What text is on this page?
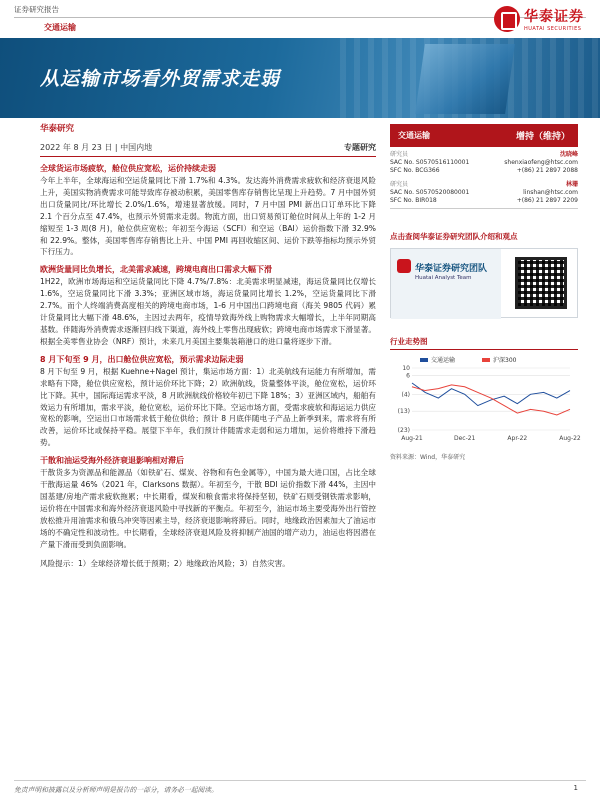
证券研究报告
交通运输
华泰证券
HUATAI SECURITIES
从运输市场看外贸需求走弱
华泰研究
2022 年 8 月 23 日 | 中国内地	专题研究
全球货运市场疲软，舱位供应宽松，运价持续走弱
今年上半年，全球海运和空运货量同比下滑 1.7%和 4.3%。发达海外消费需求疲软和经济衰退风险上升，美国实物消费需求可能导致库存被动积累，美国零售库存销售比呈现上升趋势。7 月中国外贸出口货量同比/环比增长 2.0%/1.6%，增速显著放缓。同时，7 月中国 PMI 新出口订单环比下降 2.1 个百分点至 47.4%，也预示外贸需求走弱。物流方面，出口贸易预订舱位时间从上年的 1-2 月缩短至 1-3 周(8 月)，舱位供应宽松；年初至今海运（SCFI）和空运（BAI）运价指数下滑 32.9%和 22.9%。整体，美国零售库存销售比上升、中国 PMI 再回收缩区间、运价下跌等指标均预示外贸下行压力。
欧洲货量同比负增长，北美需求减速，跨境电商出口需求大幅下滑
1H22，欧洲市场海运和空运货量同比下降 4.7%/7.8%：北美需求明显减速，海运货量同比仅增长 1.6%，空运货量同比下滑 3.3%；亚洲区域市场，海运货量同比增长 1.2%，空运货量同比下滑 2.7%。而个人终端消费高度相关的跨境电商市场，1-6 月中国出口跨境电商（海关 9805 代码）累计货量同比大幅下滑 48.6%，主因过去两年，疫情导致海外线上购物需求大幅增长，上半年同期高基数。伴随海外消费需求逐渐回归线下渠道，海外线上零售出现疲软；跨境电商市场需求下滑显著。根据全美零售业协会（NRF）预计，未来几月美国主要集装箱港口的进口量将逐步下滑。
8 月下旬至 9 月，出口舱位供应宽松，预示需求边际走弱
8 月下旬至 9 月，根据 Kuehne+Nagel 预计，集运市场方面：1）北美航线有运能力有所增加，需求略有下降，舱位供应宽松，预计运价环比下降；2）欧洲航线，货量整体平淡，舱位宽松，运价环比下降。其中，国际海运需求平淡，8 月欧洲航线价格较年初已下降 18%；3）亚洲区域内，船舶有效运力有所增加，需求平淡，舱位宽松，运价环比下降。空运市场方面，受需求疲软和海运运力供应宽松的影响，空运出口市场需求低于舱位供给；预计 8 月底伴随电子产品上新季到来，需求将有所改善，运价环比或保持平稳。展望下半年，我们预计伴随需求走弱和运力增加，运价将维持下滑趋势。
干散和油运受海外经济衰退影响相对滞后
干散货多为资源品和能源品（如铁矿石、煤炭、谷物和有色金属等），中国为最大进口国，占比全球干散海运量 46%（2021 年，Clarksons 数据）。年初至今，干散 BDI 运价指数下滑 44%，主因中国基建/房地产需求疲软拖累；中长期看，煤炭和粮食需求将保持坚韧，铁矿石则受钢铁需求影响，运价将在中国需求和海外经济衰退风险中寻找新的平衡点。年初至今，油运市场主要受海外出行管控放松推升用油需求和俄乌冲突等因素主导，经济衰退影响将滞后。同时，地缘政治因素加大了油运市场的不确定性和波动性。中长期看，全球经济衰退风险及将抑制产油国的增产动力，油运也将因潜在产量下滑而受到负面影响。
风险提示：1）全球经济增长低于预期；2）地缘政治风险；3）自然灾害。
交通运输	增持（维持）
研究员	沈晓峰
SAC No. S0570516110001	shenxiaofeng@htsc.com
SFC No. BCG366	+(86) 21 2897 2088
研究员	林珊
SAC No. S0570520080001	linshan@htsc.com
SFC No. BIR018	+(86) 21 2897 2209
点击查阅华泰证券研究团队介绍和观点
华泰证券研究团队
Huatai Analyst Team
行业走势图
10
6
(4)
(13)
(23)
Aug-21	Dec-21	Apr-22	Aug-22
交通运输	沪深300
资料来源：Wind，华泰研究
免责声明和披露以及分析师声明是报告的一部分，请务必一起阅读。	1
